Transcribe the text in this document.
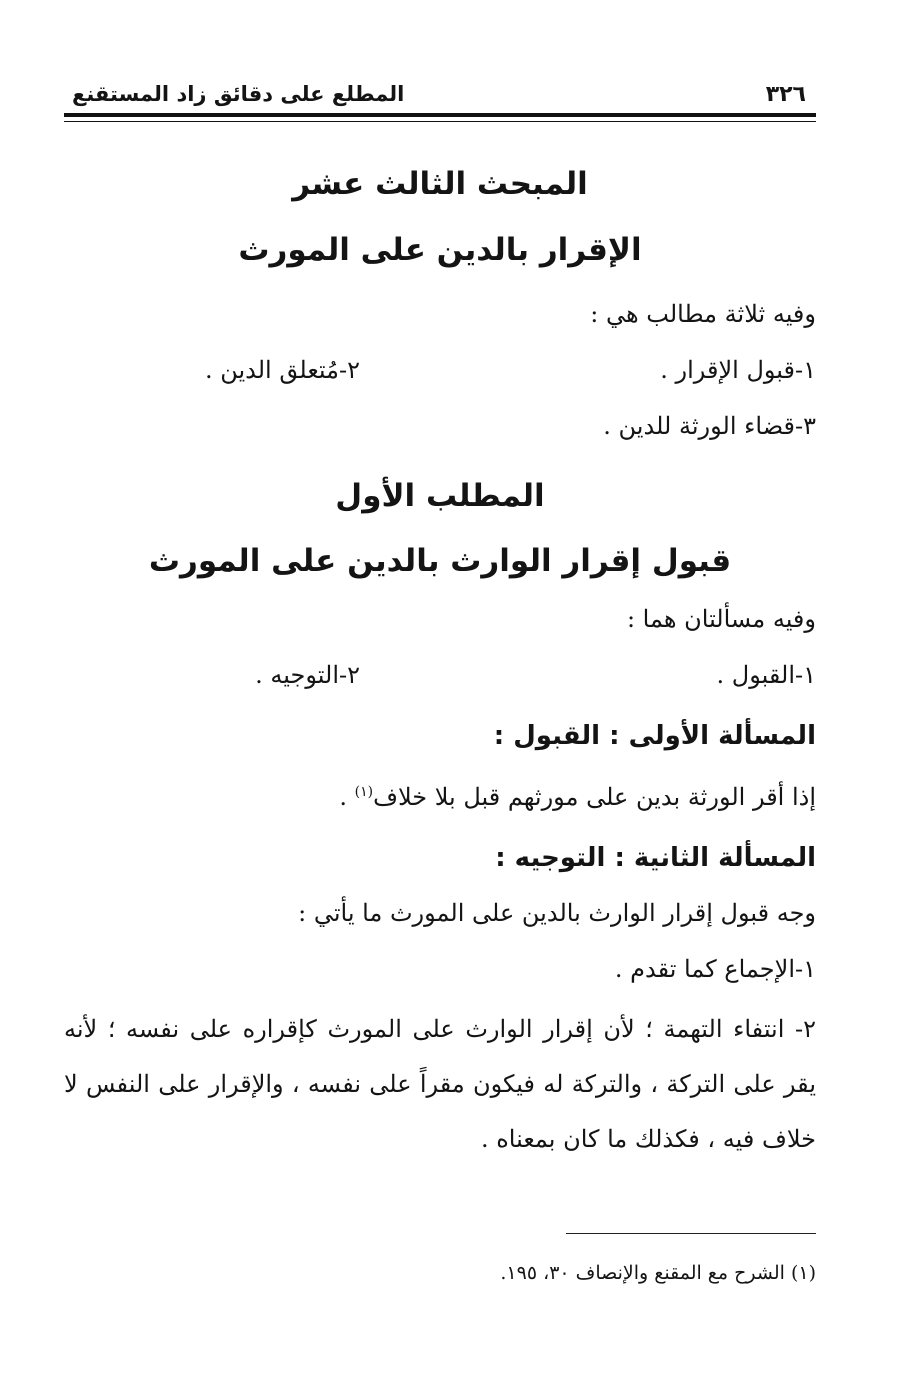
٣٢٦
المطلع على دقائق زاد المستقنع
المبحث الثالث عشر
الإقرار بالدين على المورث
وفيه ثلاثة مطالب هي :
١-قبول الإقرار .
٢-مُتعلق الدين .
٣-قضاء الورثة للدين .
المطلب الأول
قبول إقرار الوارث بالدين على المورث
وفيه مسألتان هما :
١-القبول .
٢-التوجيه .
المسألة الأولى : القبول :
إذا أقر الورثة بدين على مورثهم قبل بلا خلاف$^{(١)}$ .
المسألة الثانية : التوجيه :
وجه قبول إقرار الوارث بالدين على المورث ما يأتي :
١-الإجماع كما تقدم .
٢- انتفاء التهمة ؛ لأن إقرار الوارث على المورث كإقراره على نفسه ؛ لأنه يقر على التركة ، والتركة له فيكون مقراً على نفسه ، والإقرار على النفس لا خلاف فيه ، فكذلك ما كان بمعناه .
(١) الشرح مع المقنع والإنصاف ٣٠، ١٩٥.
